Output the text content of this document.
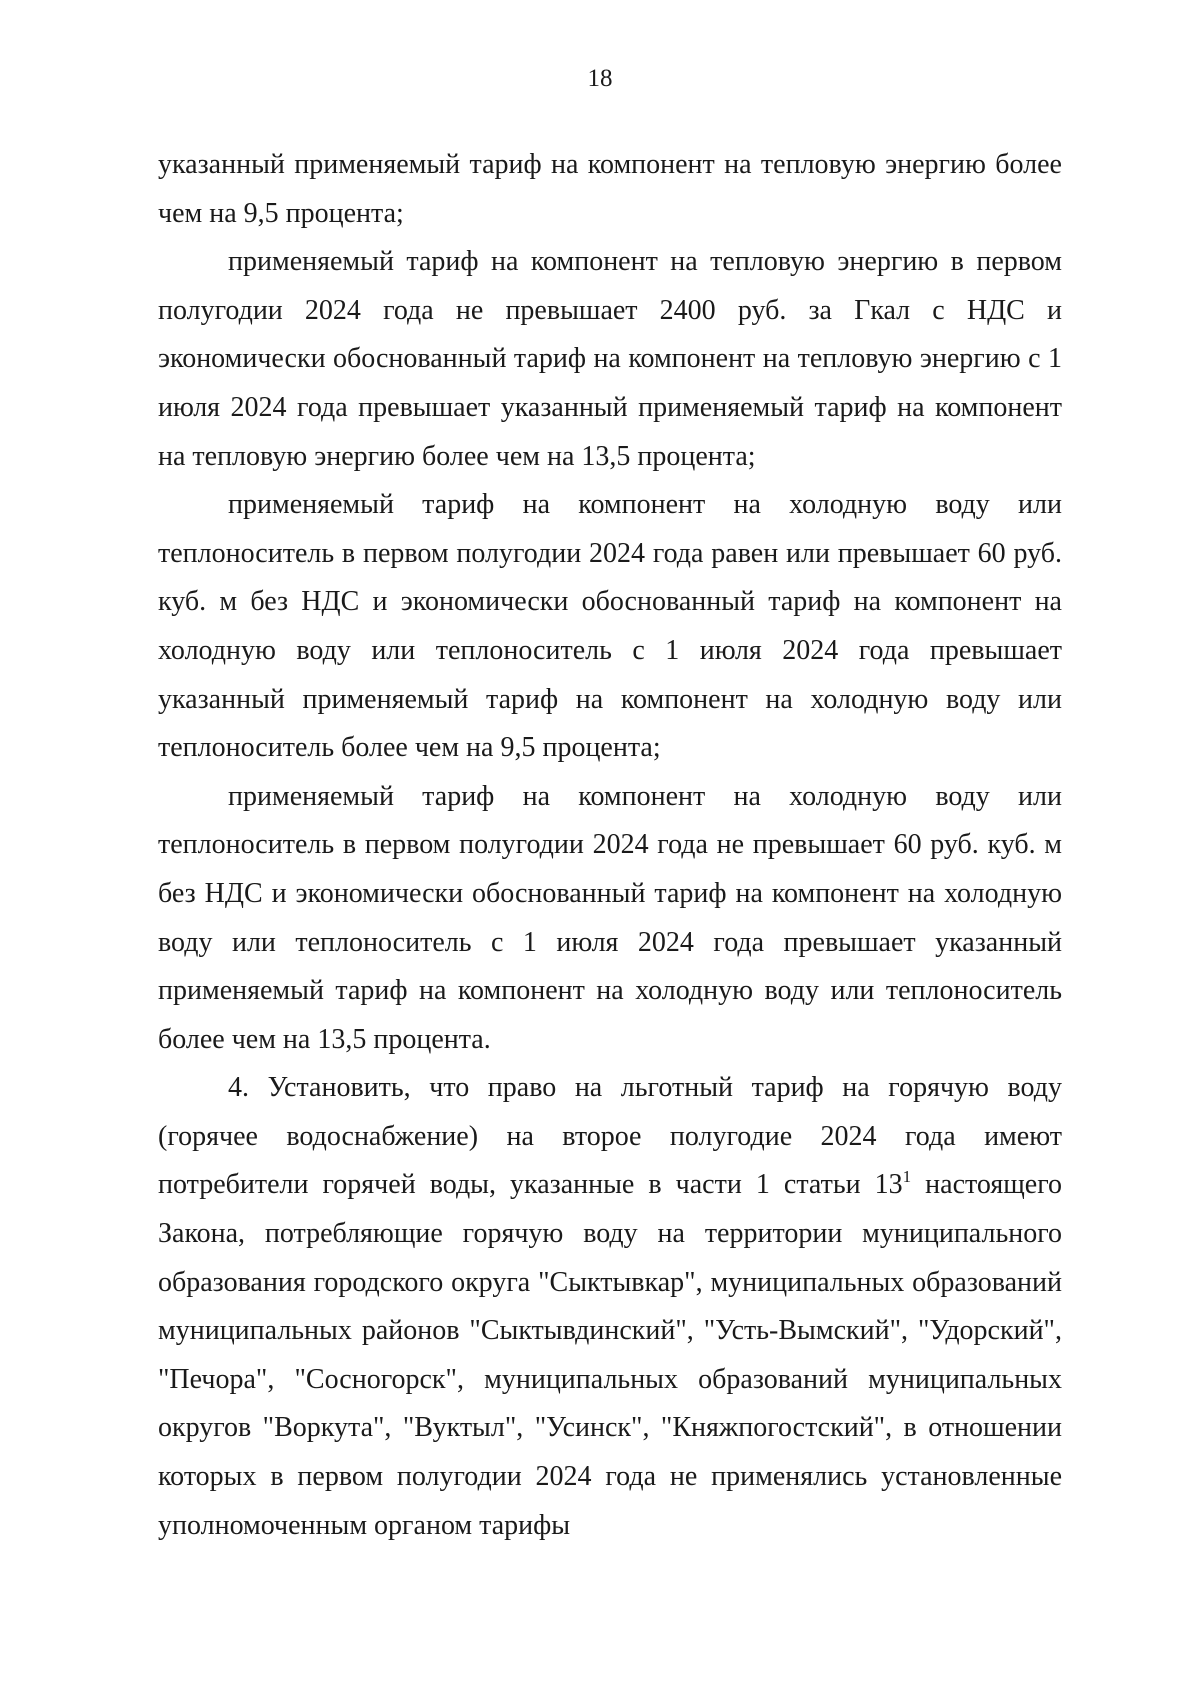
18

указанный применяемый тариф на компонент на тепловую энергию более чем на 9,5 процента;

применяемый тариф на компонент на тепловую энергию в первом полугодии 2024 года не превышает 2400 руб. за Гкал с НДС и экономически обоснованный тариф на компонент на тепловую энергию с 1 июля 2024 года превышает указанный применяемый тариф на компонент на тепловую энергию более чем на 13,5 процента;

применяемый тариф на компонент на холодную воду или теплоноситель в первом полугодии 2024 года равен или превышает 60 руб. куб. м без НДС и экономически обоснованный тариф на компонент на холодную воду или теплоноситель с 1 июля 2024 года превышает указанный применяемый тариф на компонент на холодную воду или теплоноситель более чем на 9,5 процента;

применяемый тариф на компонент на холодную воду или теплоноситель в первом полугодии 2024 года не превышает 60 руб. куб. м без НДС и экономически обоснованный тариф на компонент на холодную воду или теплоноситель с 1 июля 2024 года превышает указанный применяемый тариф на компонент на холодную воду или теплоноситель более чем на 13,5 процента.

4. Установить, что право на льготный тариф на горячую воду (горячее водоснабжение) на второе полугодие 2024 года имеют потребители горячей воды, указанные в части 1 статьи $13^1$ настоящего Закона, потребляющие горячую воду на территории муниципального образования городского округа "Сыктывкар", муниципальных образований муниципальных районов "Сыктывдинский", "Усть-Вымский", "Удорский", "Печора", "Сосногорск", муниципальных образований муниципальных округов "Воркута", "Вуктыл", "Усинск", "Княжпогостский", в отношении которых в первом полугодии 2024 года не применялись установленные уполномоченным органом тарифы
